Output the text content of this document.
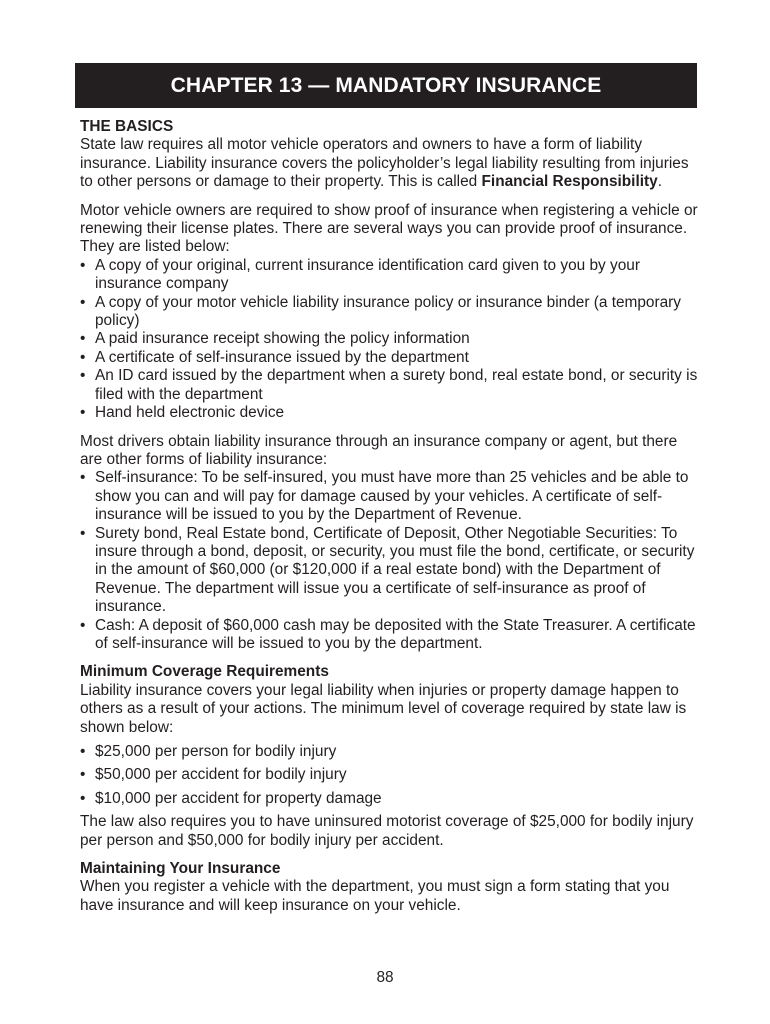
CHAPTER 13 — MANDATORY INSURANCE

THE BASICS

State law requires all motor vehicle operators and owners to have a form of liability insurance. Liability insurance covers the policyholder’s legal liability resulting from injuries to other persons or damage to their property. This is called Financial Responsibility.

Motor vehicle owners are required to show proof of insurance when registering a vehicle or renewing their license plates. There are several ways you can provide proof of insurance. They are listed below:

• A copy of your original, current insurance identification card given to you by your insurance company
• A copy of your motor vehicle liability insurance policy or insurance binder (a temporary policy)
• A paid insurance receipt showing the policy information
• A certificate of self-insurance issued by the department
• An ID card issued by the department when a surety bond, real estate bond, or security is filed with the department
• Hand held electronic device

Most drivers obtain liability insurance through an insurance company or agent, but there are other forms of liability insurance:

• Self-insurance: To be self-insured, you must have more than 25 vehicles and be able to show you can and will pay for damage caused by your vehicles. A certificate of self-insurance will be issued to you by the Department of Revenue.
• Surety bond, Real Estate bond, Certificate of Deposit, Other Negotiable Securities: To insure through a bond, deposit, or security, you must file the bond, certificate, or security in the amount of $60,000 (or $120,000 if a real estate bond) with the Department of Revenue. The department will issue you a certificate of self-insurance as proof of insurance.
• Cash: A deposit of $60,000 cash may be deposited with the State Treasurer. A certificate of self-insurance will be issued to you by the department.

Minimum Coverage Requirements

Liability insurance covers your legal liability when injuries or property damage happen to others as a result of your actions. The minimum level of coverage required by state law is shown below:

• $25,000 per person for bodily injury
• $50,000 per accident for bodily injury
• $10,000 per accident for property damage

The law also requires you to have uninsured motorist coverage of $25,000 for bodily injury per person and $50,000 for bodily injury per accident.

Maintaining Your Insurance

When you register a vehicle with the department, you must sign a form stating that you have insurance and will keep insurance on your vehicle.

88
